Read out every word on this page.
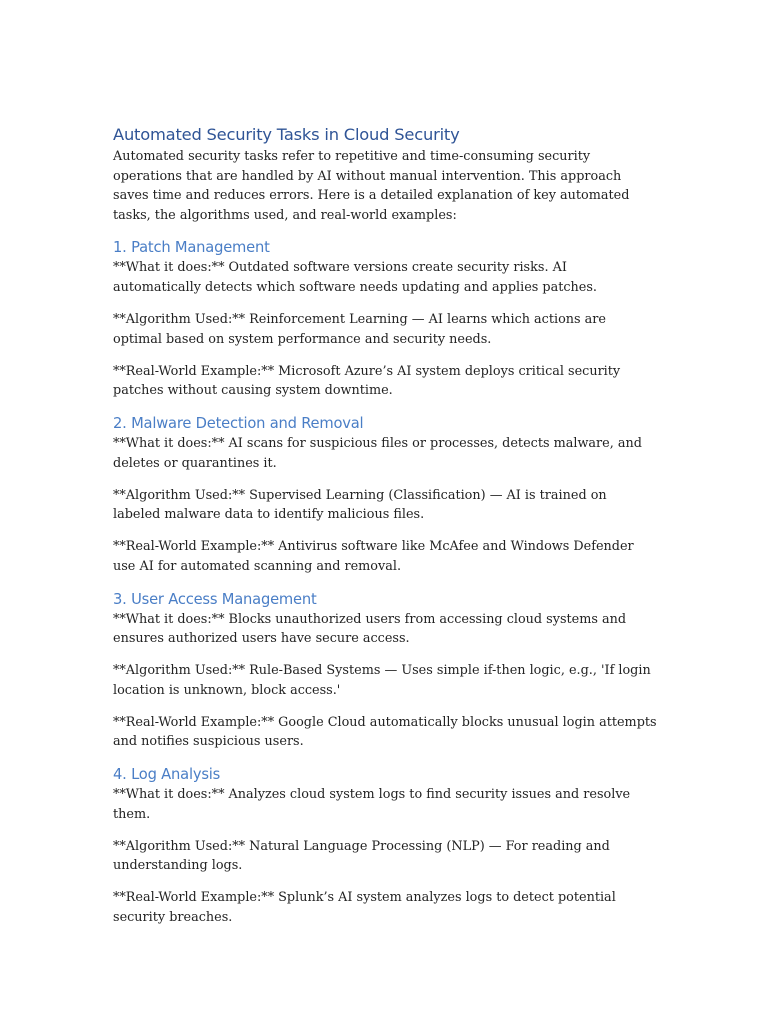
Automated Security Tasks in Cloud Security

Automated security tasks refer to repetitive and time-consuming security operations that are handled by AI without manual intervention. This approach saves time and reduces errors. Here is a detailed explanation of key automated tasks, the algorithms used, and real-world examples:

1. Patch Management

**What it does:** Outdated software versions create security risks. AI automatically detects which software needs updating and applies patches.

**Algorithm Used:** Reinforcement Learning — AI learns which actions are optimal based on system performance and security needs.

**Real-World Example:** Microsoft Azure’s AI system deploys critical security patches without causing system downtime.

2. Malware Detection and Removal

**What it does:** AI scans for suspicious files or processes, detects malware, and deletes or quarantines it.

**Algorithm Used:** Supervised Learning (Classification) — AI is trained on labeled malware data to identify malicious files.

**Real-World Example:** Antivirus software like McAfee and Windows Defender use AI for automated scanning and removal.

3. User Access Management

**What it does:** Blocks unauthorized users from accessing cloud systems and ensures authorized users have secure access.

**Algorithm Used:** Rule-Based Systems — Uses simple if-then logic, e.g., 'If login location is unknown, block access.'

**Real-World Example:** Google Cloud automatically blocks unusual login attempts and notifies suspicious users.

4. Log Analysis

**What it does:** Analyzes cloud system logs to find security issues and resolve them.

**Algorithm Used:** Natural Language Processing (NLP) — For reading and understanding logs.

**Real-World Example:** Splunk’s AI system analyzes logs to detect potential security breaches.
